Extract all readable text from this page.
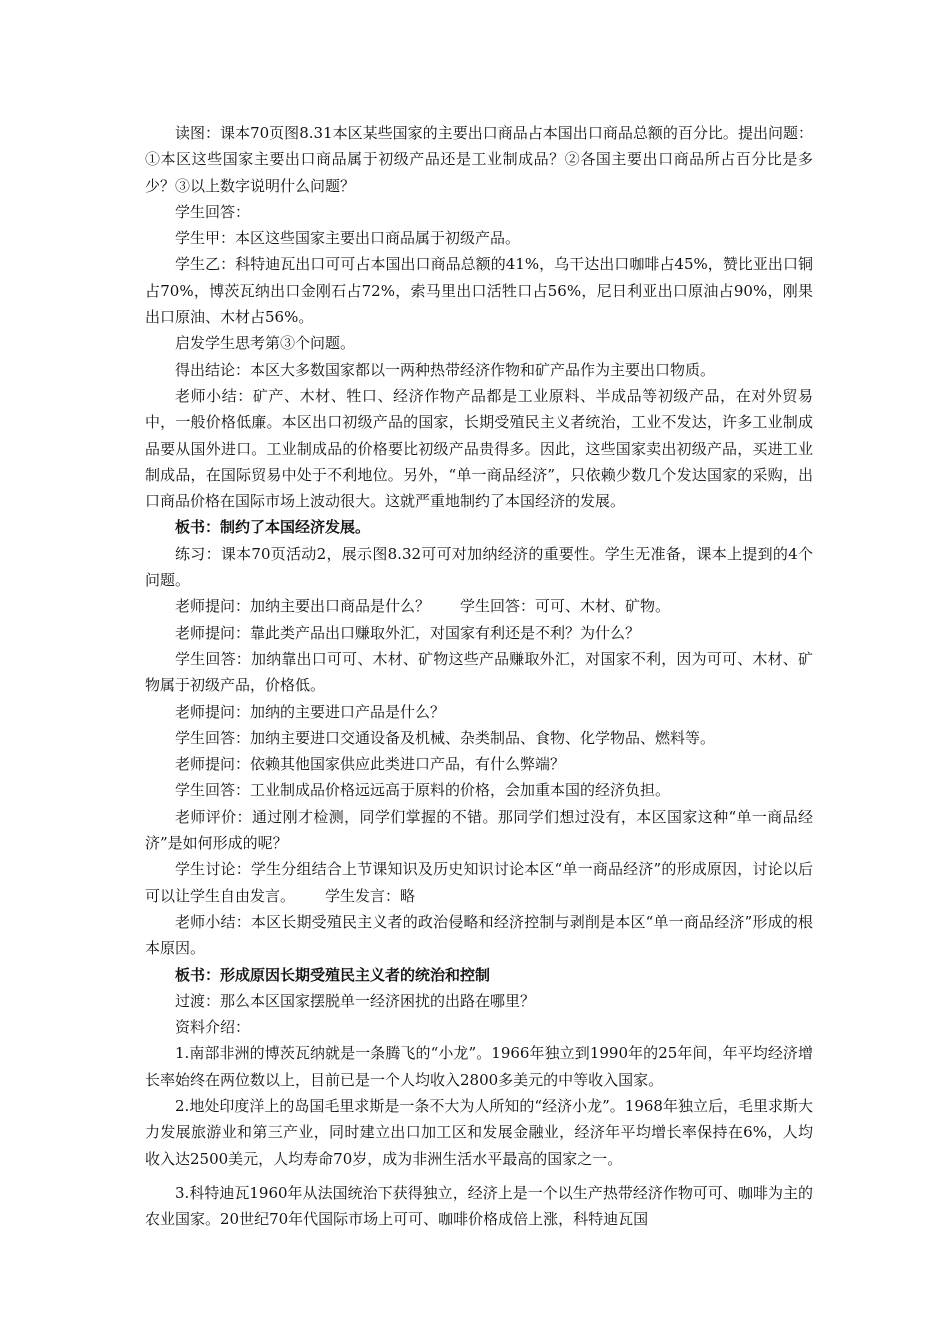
读图：课本70页图8.31本区某些国家的主要出口商品占本国出口商品总额的百分比。提出问题：①本区这些国家主要出口商品属于初级产品还是工业制成品？②各国主要出口商品所占百分比是多少？③以上数字说明什么问题？

学生回答：

学生甲：本区这些国家主要出口商品属于初级产品。

学生乙：科特迪瓦出口可可占本国出口商品总额的41%，乌干达出口咖啡占45%，赞比亚出口铜占70%，博茨瓦纳出口金刚石占72%，索马里出口活牲口占56%，尼日利亚出口原油占90%，刚果出口原油、木材占56%。

启发学生思考第③个问题。

得出结论：本区大多数国家都以一两种热带经济作物和矿产品作为主要出口物质。

老师小结：矿产、木材、牲口、经济作物产品都是工业原料、半成品等初级产品，在对外贸易中，一般价格低廉。本区出口初级产品的国家，长期受殖民主义者统治，工业不发达，许多工业制成品要从国外进口。工业制成品的价格要比初级产品贵得多。因此，这些国家卖出初级产品，买进工业制成品，在国际贸易中处于不利地位。另外，“单一商品经济”，只依赖少数几个发达国家的采购，出口商品价格在国际市场上波动很大。这就严重地制约了本国经济的发展。

板书：制约了本国经济发展。

练习：课本70页活动2，展示图8.32可可对加纳经济的重要性。学生无准备，课本上提到的4个问题。

老师提问：加纳主要出口商品是什么？ 学生回答：可可、木材、矿物。

老师提问：靠此类产品出口赚取外汇，对国家有利还是不利？为什么？

学生回答：加纳靠出口可可、木材、矿物这些产品赚取外汇，对国家不利，因为可可、木材、矿物属于初级产品，价格低。

老师提问：加纳的主要进口产品是什么？

学生回答：加纳主要进口交通设备及机械、杂类制品、食物、化学物品、燃料等。

老师提问：依赖其他国家供应此类进口产品，有什么弊端？

学生回答：工业制成品价格远远高于原料的价格，会加重本国的经济负担。

老师评价：通过刚才检测，同学们掌握的不错。那同学们想过没有，本区国家这种“单一商品经济”是如何形成的呢？

学生讨论：学生分组结合上节课知识及历史知识讨论本区“单一商品经济”的形成原因，讨论以后可以让学生自由发言。 学生发言：略

老师小结：本区长期受殖民主义者的政治侵略和经济控制与剥削是本区“单一商品经济”形成的根本原因。

板书：形成原因长期受殖民主义者的统治和控制

过渡：那么本区国家摆脱单一经济困扰的出路在哪里？

资料介绍：

1.南部非洲的博茨瓦纳就是一条腾飞的“小龙”。1966年独立到1990年的25年间，年平均经济增长率始终在两位数以上，目前已是一个人均收入2800多美元的中等收入国家。

2.地处印度洋上的岛国毛里求斯是一条不大为人所知的“经济小龙”。1968年独立后，毛里求斯大力发展旅游业和第三产业，同时建立出口加工区和发展金融业，经济年平均增长率保持在6%，人均收入达2500美元，人均寿命70岁，成为非洲生活水平最高的国家之一。

3.科特迪瓦1960年从法国统治下获得独立，经济上是一个以生产热带经济作物可可、咖啡为主的农业国家。20世纪70年代国际市场上可可、咖啡价格成倍上涨，科特迪瓦国
